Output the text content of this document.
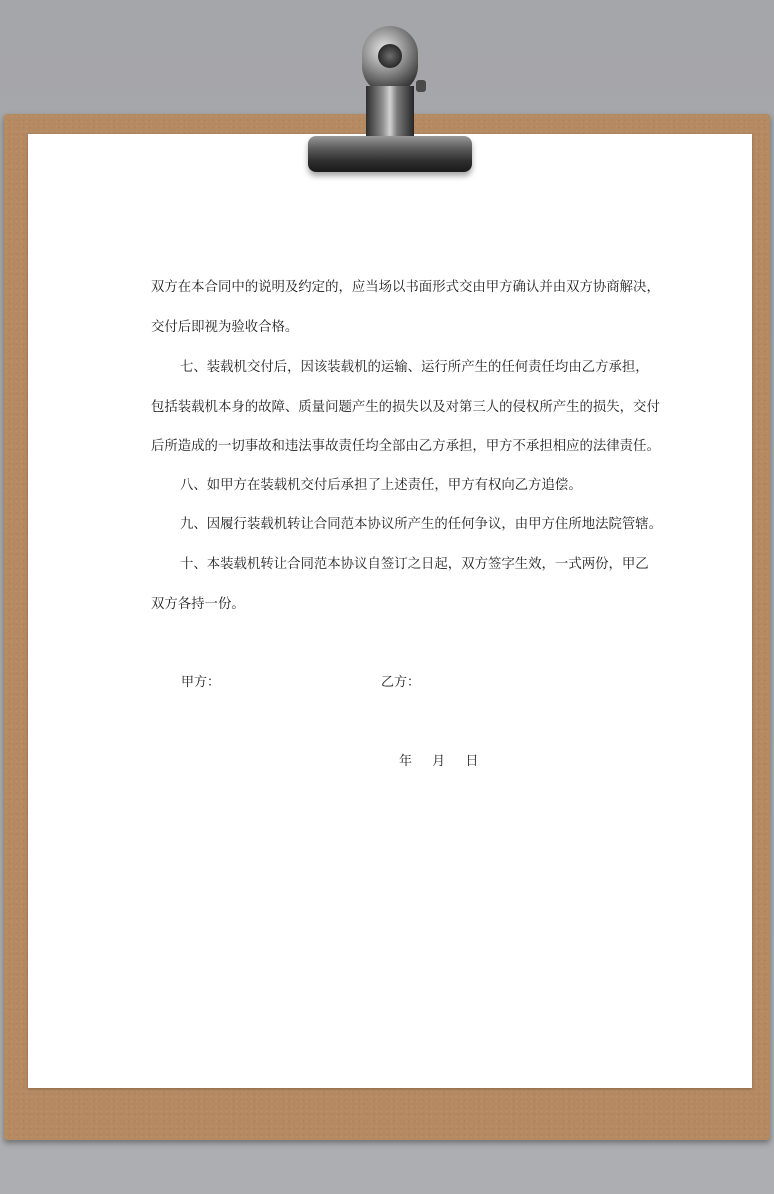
双方在本合同中的说明及约定的，应当场以书面形式交由甲方确认并由双方协商解决，
交付后即视为验收合格。
七、装载机交付后，因该装载机的运输、运行所产生的任何责任均由乙方承担，
包括装载机本身的故障、质量问题产生的损失以及对第三人的侵权所产生的损失，交付
后所造成的一切事故和违法事故责任均全部由乙方承担，甲方不承担相应的法律责任。
八、如甲方在装载机交付后承担了上述责任，甲方有权向乙方追偿。
九、因履行装载机转让合同范本协议所产生的任何争议，由甲方住所地法院管辖。
十、本装载机转让合同范本协议自签订之日起，双方签字生效，一式两份，甲乙
双方各持一份。
甲方：	乙方：
年 月 日
